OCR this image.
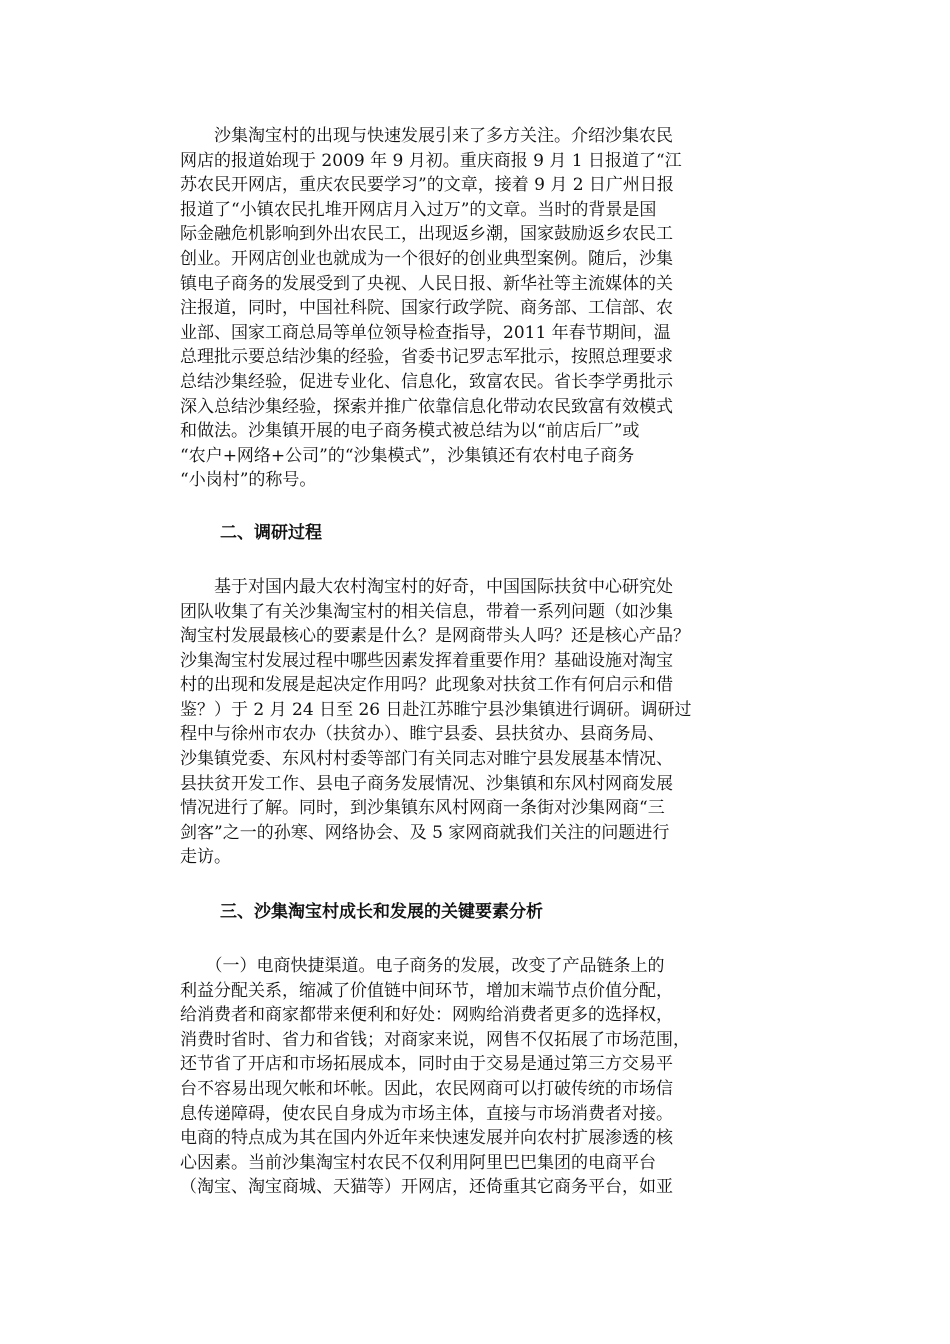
　　沙集淘宝村的出现与快速发展引来了多方关注。介绍沙集农民
网店的报道始现于 2009 年 9 月初。重庆商报 9 月 1 日报道了“江
苏农民开网店，重庆农民要学习”的文章，接着 9 月 2 日广州日报
报道了“小镇农民扎堆开网店月入过万”的文章。当时的背景是国
际金融危机影响到外出农民工，出现返乡潮，国家鼓励返乡农民工
创业。开网店创业也就成为一个很好的创业典型案例。随后，沙集
镇电子商务的发展受到了央视、人民日报、新华社等主流媒体的关
注报道，同时，中国社科院、国家行政学院、商务部、工信部、农
业部、国家工商总局等单位领导检查指导，2011 年春节期间，温
总理批示要总结沙集的经验，省委书记罗志军批示，按照总理要求
总结沙集经验，促进专业化、信息化，致富农民。省长李学勇批示
深入总结沙集经验，探索并推广依靠信息化带动农民致富有效模式
和做法。沙集镇开展的电子商务模式被总结为以“前店后厂”或
“农户+网络+公司”的“沙集模式”，沙集镇还有农村电子商务
“小岗村”的称号。
二、调研过程
　　基于对国内最大农村淘宝村的好奇，中国国际扶贫中心研究处
团队收集了有关沙集淘宝村的相关信息，带着一系列问题（如沙集
淘宝村发展最核心的要素是什么？是网商带头人吗？还是核心产品？
沙集淘宝村发展过程中哪些因素发挥着重要作用？基础设施对淘宝
村的出现和发展是起决定作用吗？此现象对扶贫工作有何启示和借
鉴？）于 2 月 24 日至 26 日赴江苏睢宁县沙集镇进行调研。调研过
程中与徐州市农办（扶贫办）、睢宁县委、县扶贫办、县商务局、
沙集镇党委、东风村村委等部门有关同志对睢宁县发展基本情况、
县扶贫开发工作、县电子商务发展情况、沙集镇和东风村网商发展
情况进行了解。同时，到沙集镇东风村网商一条街对沙集网商“三
剑客”之一的孙寒、网络协会、及 5 家网商就我们关注的问题进行
走访。
三、沙集淘宝村成长和发展的关键要素分析
　　（一）电商快捷渠道。电子商务的发展，改变了产品链条上的
利益分配关系，缩减了价值链中间环节，增加末端节点价值分配，
给消费者和商家都带来便利和好处：网购给消费者更多的选择权，
消费时省时、省力和省钱；对商家来说，网售不仅拓展了市场范围，
还节省了开店和市场拓展成本，同时由于交易是通过第三方交易平
台不容易出现欠帐和坏帐。因此，农民网商可以打破传统的市场信
息传递障碍，使农民自身成为市场主体，直接与市场消费者对接。
电商的特点成为其在国内外近年来快速发展并向农村扩展渗透的核
心因素。当前沙集淘宝村农民不仅利用阿里巴巴集团的电商平台
（淘宝、淘宝商城、天猫等）开网店，还倚重其它商务平台，如亚
